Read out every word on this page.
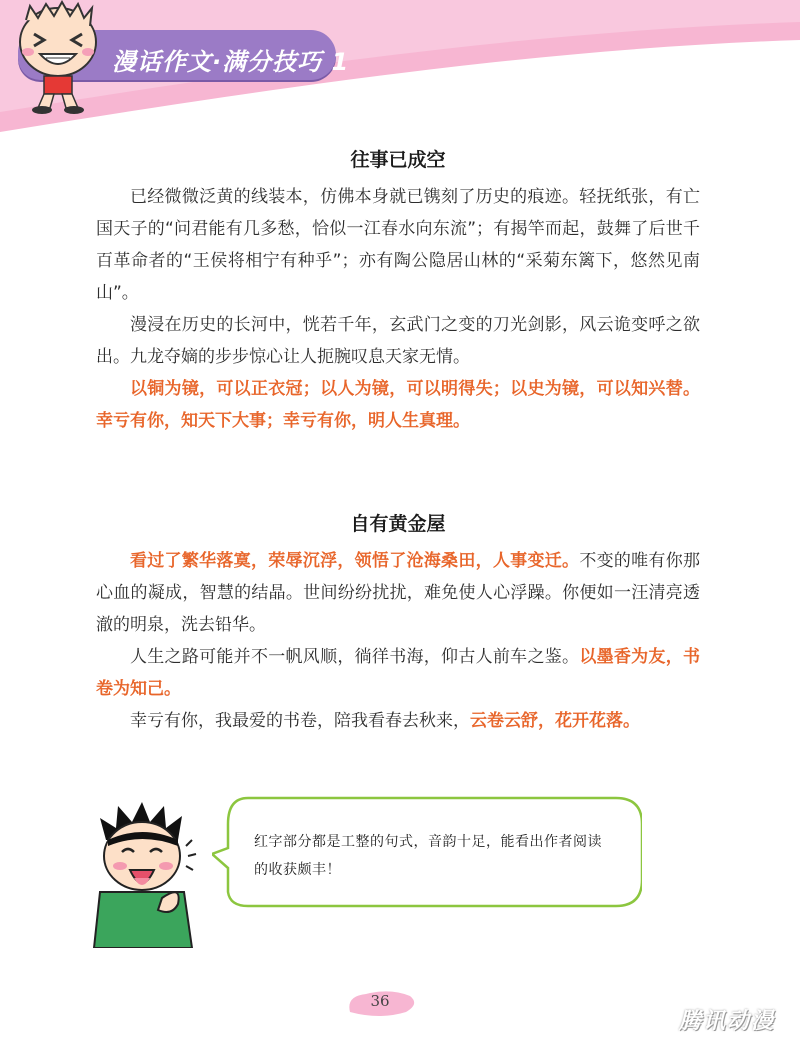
漫话作文·满分技巧 1
往事已成空

已经微微泛黄的线装本，仿佛本身就已镌刻了历史的痕迹。轻抚纸张，有亡国天子的“问君能有几多愁，恰似一江春水向东流”；有揭竿而起，鼓舞了后世千百革命者的“王侯将相宁有种乎”；亦有陶公隐居山林的“采菊东篱下，悠然见南山”。

漫浸在历史的长河中，恍若千年，玄武门之变的刀光剑影，风云诡变呼之欲出。九龙夺嫡的步步惊心让人扼腕叹息天家无情。

以铜为镜，可以正衣冠；以人为镜，可以明得失；以史为镜，可以知兴替。幸亏有你，知天下大事；幸亏有你，明人生真理。

自有黄金屋

看过了繁华落寞，荣辱沉浮，领悟了沧海桑田，人事变迁。不变的唯有你那心血的凝成，智慧的结晶。世间纷纷扰扰，难免使人心浮躁。你便如一汪清亮透澈的明泉，洗去铅华。

人生之路可能并不一帆风顺，徜徉书海，仰古人前车之鉴。以墨香为友，书卷为知己。

幸亏有你，我最爱的书卷，陪我看春去秋来，云卷云舒，花开花落。

红字部分都是工整的句式，音韵十足，能看出作者阅读的收获颇丰！
36
腾讯动漫
